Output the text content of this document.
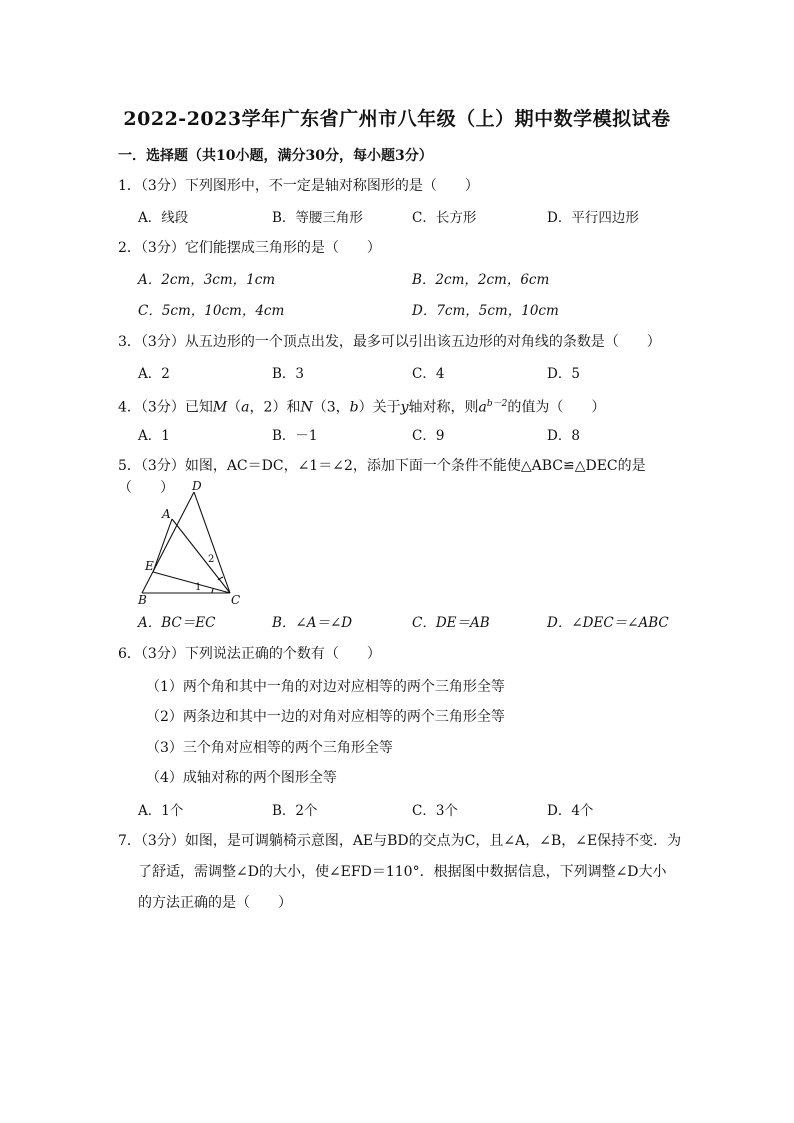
2022-2023学年广东省广州市八年级（上）期中数学模拟试卷
一．选择题（共10小题，满分30分，每小题3分）
1．（3分）下列图形中，不一定是轴对称图形的是（　　）
A．线段	B．等腰三角形	C．长方形	D．平行四边形
2．（3分）它们能摆成三角形的是（　　）
A．2cm，3cm，1cm	B．2cm，2cm，6cm
C．5cm，10cm，4cm	D．7cm，5cm，10cm
3．（3分）从五边形的一个顶点出发，最多可以引出该五边形的对角线的条数是（　　）
A．2	B．3	C．4	D．5
4．（3分）已知M（a，2）和N（3，b）关于y轴对称，则$a^{b-2}$的值为（　　）
A．1	B．－1	C．9	D．8
5．（3分）如图，AC＝DC，∠1＝∠2，添加下面一个条件不能使△ABC≌△DEC的是（　　）	D
A
E
B	C
1
2
A．BC＝EC	B．∠A＝∠D	C．DE＝AB	D．∠DEC＝∠ABC
6．（3分）下列说法正确的个数有（　　）
（1）两个角和其中一角的对边对应相等的两个三角形全等
（2）两条边和其中一边的对角对应相等的两个三角形全等
（3）三个角对应相等的两个三角形全等
（4）成轴对称的两个图形全等
A．1个	B．2个	C．3个	D．4个
7．（3分）如图，是可调躺椅示意图，AE与BD的交点为C，且∠A，∠B，∠E保持不变．为
了舒适，需调整∠D的大小，使∠EFD＝110°．根据图中数据信息，下列调整∠D大小
的方法正确的是（　　）
